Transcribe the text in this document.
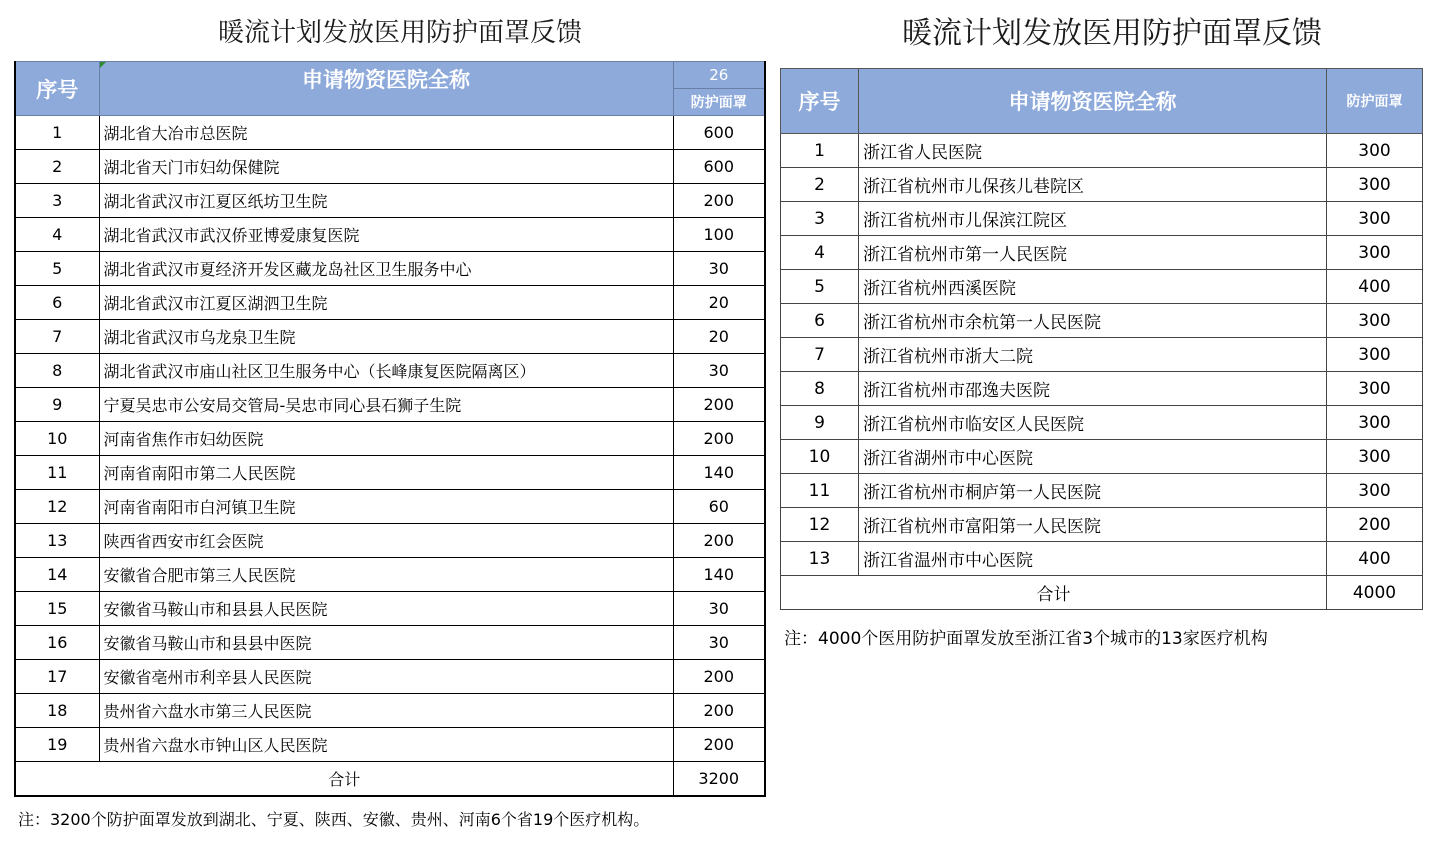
暖流计划发放医用防护面罩反馈
序号	申请物资医院全称	26
		防护面罩
1	湖北省大冶市总医院	600
2	湖北省天门市妇幼保健院	600
3	湖北省武汉市江夏区纸坊卫生院	200
4	湖北省武汉市武汉侨亚博爱康复医院	100
5	湖北省武汉市夏经济开发区藏龙岛社区卫生服务中心	30
6	湖北省武汉市江夏区湖泗卫生院	20
7	湖北省武汉市乌龙泉卫生院	20
8	湖北省武汉市庙山社区卫生服务中心（长峰康复医院隔离区）	30
9	宁夏吴忠市公安局交管局-吴忠市同心县石狮子生院	200
10	河南省焦作市妇幼医院	200
11	河南省南阳市第二人民医院	140
12	河南省南阳市白河镇卫生院	60
13	陕西省西安市红会医院	200
14	安徽省合肥市第三人民医院	140
15	安徽省马鞍山市和县县人民医院	30
16	安徽省马鞍山市和县县中医院	30
17	安徽省亳州市利辛县人民医院	200
18	贵州省六盘水市第三人民医院	200
19	贵州省六盘水市钟山区人民医院	200
合计		3200
注：3200个防护面罩发放到湖北、宁夏、陕西、安徽、贵州、河南6个省19个医疗机构。
暖流计划发放医用防护面罩反馈
序号	申请物资医院全称	防护面罩
1	浙江省人民医院	300
2	浙江省杭州市儿保孩儿巷院区	300
3	浙江省杭州市儿保滨江院区	300
4	浙江省杭州市第一人民医院	300
5	浙江省杭州西溪医院	400
6	浙江省杭州市余杭第一人民医院	300
7	浙江省杭州市浙大二院	300
8	浙江省杭州市邵逸夫医院	300
9	浙江省杭州市临安区人民医院	300
10	浙江省湖州市中心医院	300
11	浙江省杭州市桐庐第一人民医院	300
12	浙江省杭州市富阳第一人民医院	200
13	浙江省温州市中心医院	400
合计		4000
注：4000个医用防护面罩发放至浙江省3个城市的13家医疗机构
